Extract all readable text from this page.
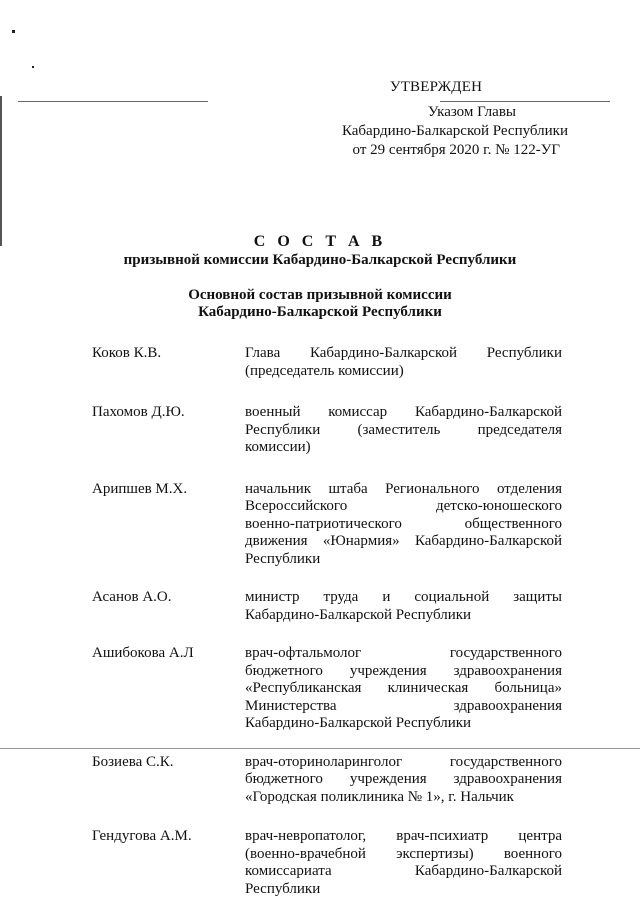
УТВЕРЖДЕН
Указом Главы
Кабардино-Балкарской Республики
от 29 сентября 2020 г. № 122-УГ
С О С Т А В
призывной комиссии Кабардино-Балкарской Республики
Основной состав призывной комиссии
Кабардино-Балкарской Республики
Коков К.В.	Глава Кабардино-Балкарской Республики
(председатель комиссии)
Пахомов Д.Ю.	военный комиссар Кабардино-Балкарской
Республики (заместитель председателя
комиссии)
Арипшев М.Х.	начальник штаба Регионального отделения
Всероссийского детско-юношеского
военно-патриотического общественного
движения «Юнармия» Кабардино-Балкарской
Республики
Асанов А.О.	министр труда и социальной защиты
Кабардино-Балкарской Республики
Ашибокова А.Л	врач-офтальмолог государственного
бюджетного учреждения здравоохранения
«Республиканская клиническая больница»
Министерства здравоохранения
Кабардино-Балкарской Республики
Бозиева С.К.	врач-оториноларинголог государственного
бюджетного учреждения здравоохранения
«Городская поликлиника № 1», г. Нальчик
Гендугова А.М.	врач-невропатолог, врач-психиатр центра
(военно-врачебной экспертизы) военного
комиссариата Кабардино-Балкарской
Республики
